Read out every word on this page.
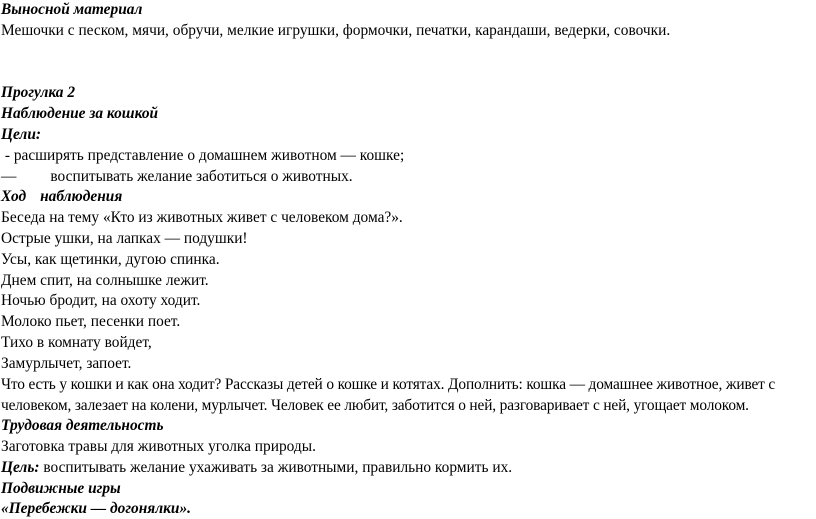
Выносной материал
Мешочки с песком, мячи, обручи, мелкие игрушки, формочки, печатки, карандаши, ведерки, совочки.
Прогулка 2
Наблюдение за кошкой
Цели:
- расширять представление о домашнем животном — кошке;
— воспитывать желание заботиться о животных.
Ход наблюдения
Беседа на тему «Кто из животных живет с человеком дома?».
Острые ушки, на лапках — подушки!
Усы, как щетинки, дугою спинка.
Днем спит, на солнышке лежит.
Ночью бродит, на охоту ходит.
Молоко пьет, песенки поет.
Тихо в комнату войдет,
Замурлычет, запоет.
Что есть у кошки и как она ходит? Рассказы детей о кошке и котятах. Дополнить: кошка — домашнее животное, живет с человеком, залезает на колени, мурлычет. Человек ее любит, заботится о ней, разговаривает с ней, угощает молоком.
Трудовая деятельность
Заготовка травы для животных уголка природы.
Цель: воспитывать желание ухаживать за животными, правильно кормить их.
Подвижные игры
«Перебежки — догонялки».
